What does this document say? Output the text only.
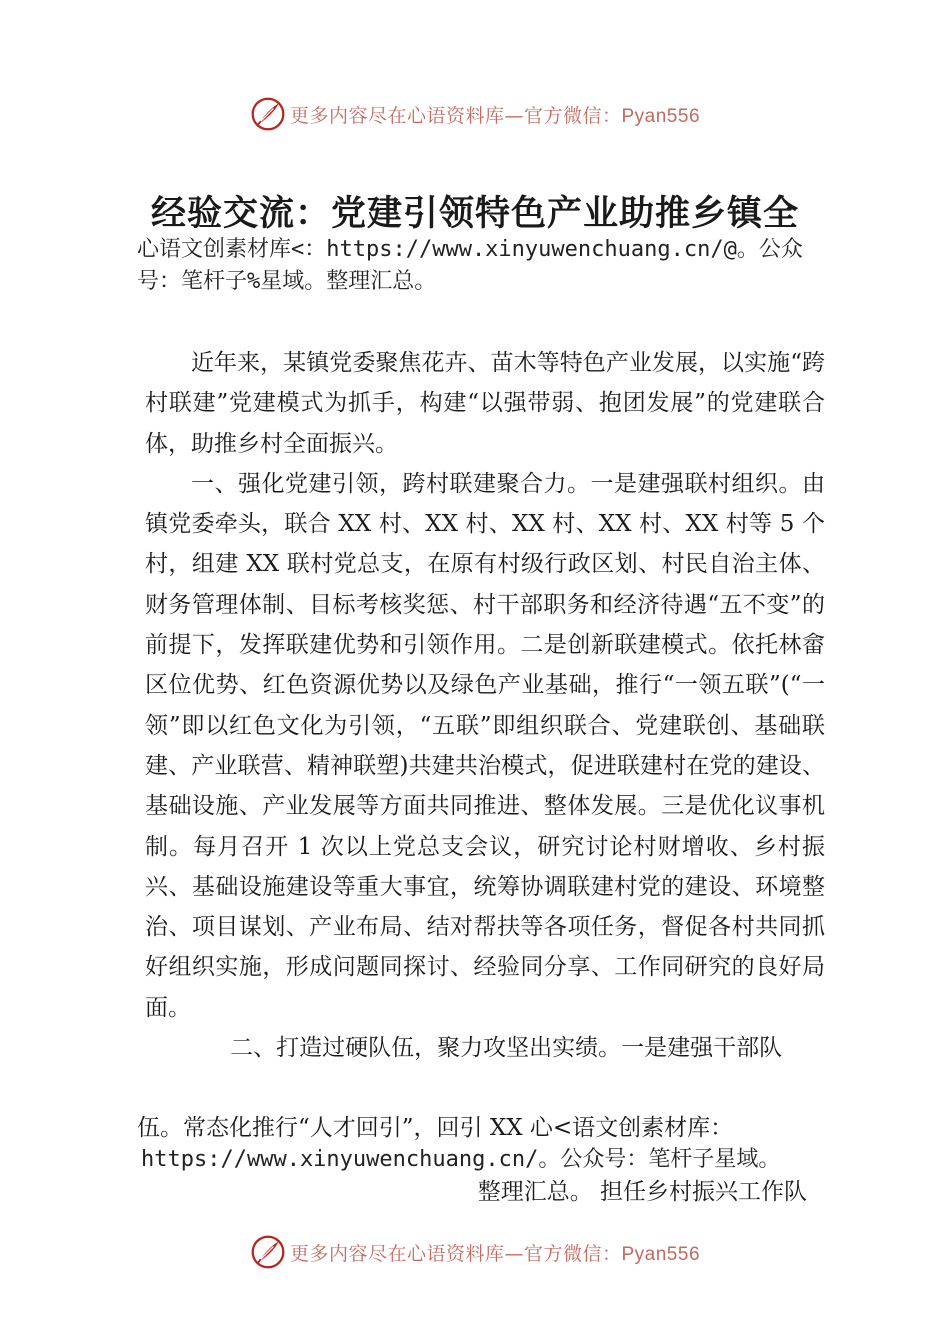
更多内容尽在心语资料库—官方微信：Pyan556
经验交流：党建引领特色产业助推乡镇全

心语文创素材库<：https://www.xinyuwenchuang.cn/@。公众号：笔杆子%星域。整理汇总。

近年来，某镇党委聚焦花卉、苗木等特色产业发展，以实施“跨村联建”党建模式为抓手，构建“以强带弱、抱团发展”的党建联合体，助推乡村全面振兴。

一、强化党建引领，跨村联建聚合力。一是建强联村组织。由镇党委牵头，联合 XX 村、XX 村、XX 村、XX 村、XX 村等 5 个村，组建 XX 联村党总支，在原有村级行政区划、村民自治主体、财务管理体制、目标考核奖惩、村干部职务和经济待遇“五不变”的前提下，发挥联建优势和引领作用。二是创新联建模式。依托林畲区位优势、红色资源优势以及绿色产业基础，推行“一领五联”(“一领”即以红色文化为引领，“五联”即组织联合、党建联创、基础联建、产业联营、精神联塑)共建共治模式，促进联建村在党的建设、基础设施、产业发展等方面共同推进、整体发展。三是优化议事机制。每月召开 1 次以上党总支会议，研究讨论村财增收、乡村振兴、基础设施建设等重大事宜，统筹协调联建村党的建设、环境整治、项目谋划、产业布局、结对帮扶等各项任务，督促各村共同抓好组织实施，形成问题同探讨、经验同分享、工作同研究的良好局面。

二、打造过硬队伍，聚力攻坚出实绩。一是建强干部队

伍。常态化推行“人才回引”，回引 XX 心<语文创素材库：
https://www.xinyuwenchuang.cn/。公众号：笔杆子星域。
整理汇总。 担任乡村振兴工作队
更多内容尽在心语资料库—官方微信：Pyan556
